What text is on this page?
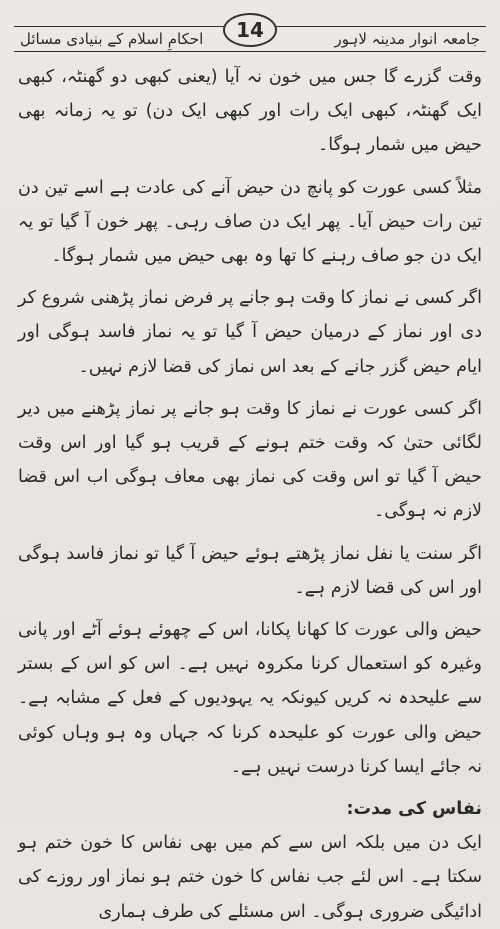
جامعہ انوار مدینہ لاہور
14
احکامِ اسلام کے بنیادی مسائل

وقت گزرے گا جس میں خون نہ آیا (یعنی کبھی دو گھنٹہ، کبھی ایک گھنٹہ، کبھی ایک رات اور کبھی ایک دن) تو یہ زمانہ بھی حیض میں شمار ہوگا۔

مثلاً کسی عورت کو پانچ دن حیض آنے کی عادت ہے اسے تین دن تین رات حیض آیا۔ پھر ایک دن صاف رہی۔ پھر خون آ گیا تو یہ ایک دن جو صاف رہنے کا تھا وہ بھی حیض میں شمار ہوگا۔

اگر کسی نے نماز کا وقت ہو جانے پر فرض نماز پڑھنی شروع کر دی اور نماز کے درمیان حیض آ گیا تو یہ نماز فاسد ہوگی اور ایام حیض گزر جانے کے بعد اس نماز کی قضا لازم نہیں۔

اگر کسی عورت نے نماز کا وقت ہو جانے پر نماز پڑھنے میں دیر لگائی حتیٰ کہ وقت ختم ہونے کے قریب ہو گیا اور اس وقت حیض آ گیا تو اس وقت کی نماز بھی معاف ہوگی اب اس قضا لازم نہ ہوگی۔

اگر سنت یا نفل نماز پڑھتے ہوئے حیض آ گیا تو نماز فاسد ہوگی اور اس کی قضا لازم ہے۔

حیض والی عورت کا کھانا پکانا، اس کے چھوئے ہوئے آٹے اور پانی وغیرہ کو استعمال کرنا مکروہ نہیں ہے۔ اس کو اس کے بستر سے علیحدہ نہ کریں کیونکہ یہ یہودیوں کے فعل کے مشابہ ہے۔ حیض والی عورت کو علیحدہ کرنا کہ جہاں وہ ہو وہاں کوئی نہ جائے ایسا کرنا درست نہیں ہے۔

نفاس کی مدت:

ایک دن میں بلکہ اس سے کم میں بھی نفاس کا خون ختم ہو سکتا ہے۔ اس لئے جب نفاس کا خون ختم ہو نماز اور روزے کی ادائیگی ضروری ہوگی۔ اس مسئلے کی طرف ہماری
